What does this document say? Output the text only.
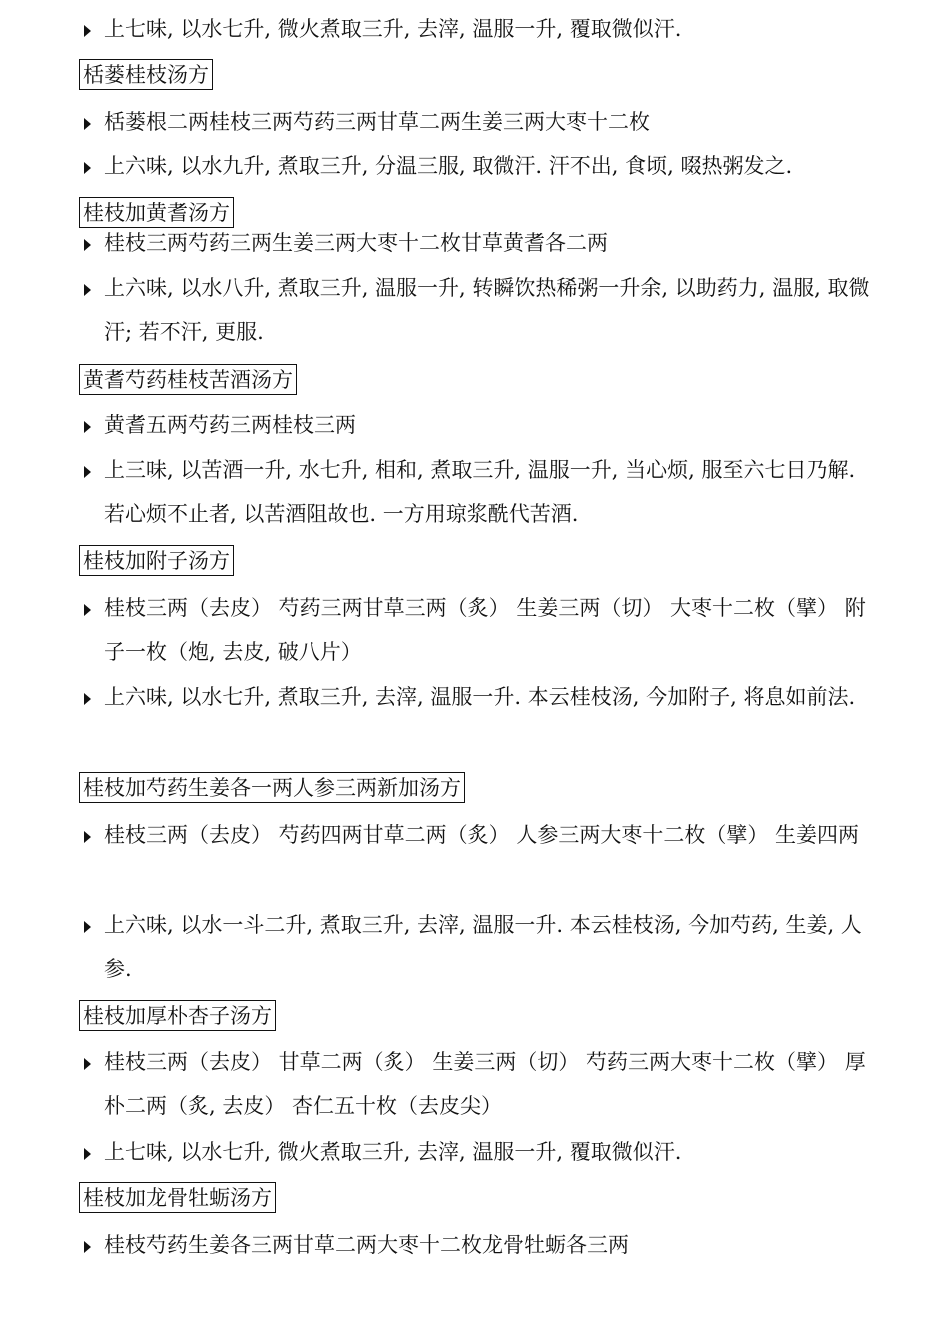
上七味, 以水七升, 微火煮取三升, 去滓, 温服一升, 覆取微似汗.
栝蒌桂枝汤方
栝蒌根二两桂枝三两芍药三两甘草二两生姜三两大枣十二枚
上六味, 以水九升, 煮取三升, 分温三服, 取微汗. 汗不出, 食顷, 啜热粥发之.
桂枝加黄耆汤方
桂枝三两芍药三两生姜三两大枣十二枚甘草黄耆各二两
上六味, 以水八升, 煮取三升, 温服一升, 转瞬饮热稀粥一升余, 以助药力, 温服, 取微汗; 若不汗, 更服.
黄耆芍药桂枝苦酒汤方
黄耆五两芍药三两桂枝三两
上三味, 以苦酒一升, 水七升, 相和, 煮取三升, 温服一升, 当心烦, 服至六七日乃解. 若心烦不止者, 以苦酒阻故也. 一方用琼浆酰代苦酒.
桂枝加附子汤方
桂枝三两（去皮） 芍药三两甘草三两（炙） 生姜三两（切） 大枣十二枚（擘） 附子一枚（炮, 去皮, 破八片）
上六味, 以水七升, 煮取三升, 去滓, 温服一升. 本云桂枝汤, 今加附子, 将息如前法.
桂枝加芍药生姜各一两人参三两新加汤方
桂枝三两（去皮） 芍药四两甘草二两（炙） 人参三两大枣十二枚（擘） 生姜四两
上六味, 以水一斗二升, 煮取三升, 去滓, 温服一升. 本云桂枝汤, 今加芍药, 生姜, 人参.
桂枝加厚朴杏子汤方
桂枝三两（去皮） 甘草二两（炙） 生姜三两（切） 芍药三两大枣十二枚（擘） 厚朴二两（炙, 去皮） 杏仁五十枚（去皮尖）
上七味, 以水七升, 微火煮取三升, 去滓, 温服一升, 覆取微似汗.
桂枝加龙骨牡蛎汤方
桂枝芍药生姜各三两甘草二两大枣十二枚龙骨牡蛎各三两
